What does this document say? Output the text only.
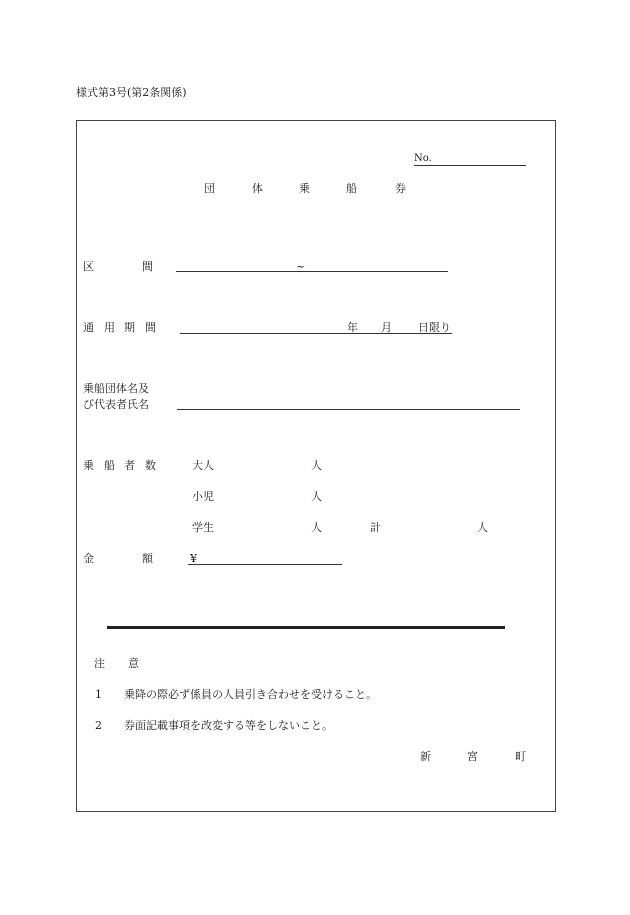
様式第3号(第2条関係)
No.
団	体	乗	船	券
区	間	~
通 用 期 間	年 月 日限り
乗船団体名及
び代表者氏名
乗 船 者 数	大人	人
小児	人
学生	人	計	人
金	額	¥
注 意
1 乗降の際必ず係員の人員引き合わせを受けること。
2 券面記載事項を改変する等をしないこと。
新	宮	町
